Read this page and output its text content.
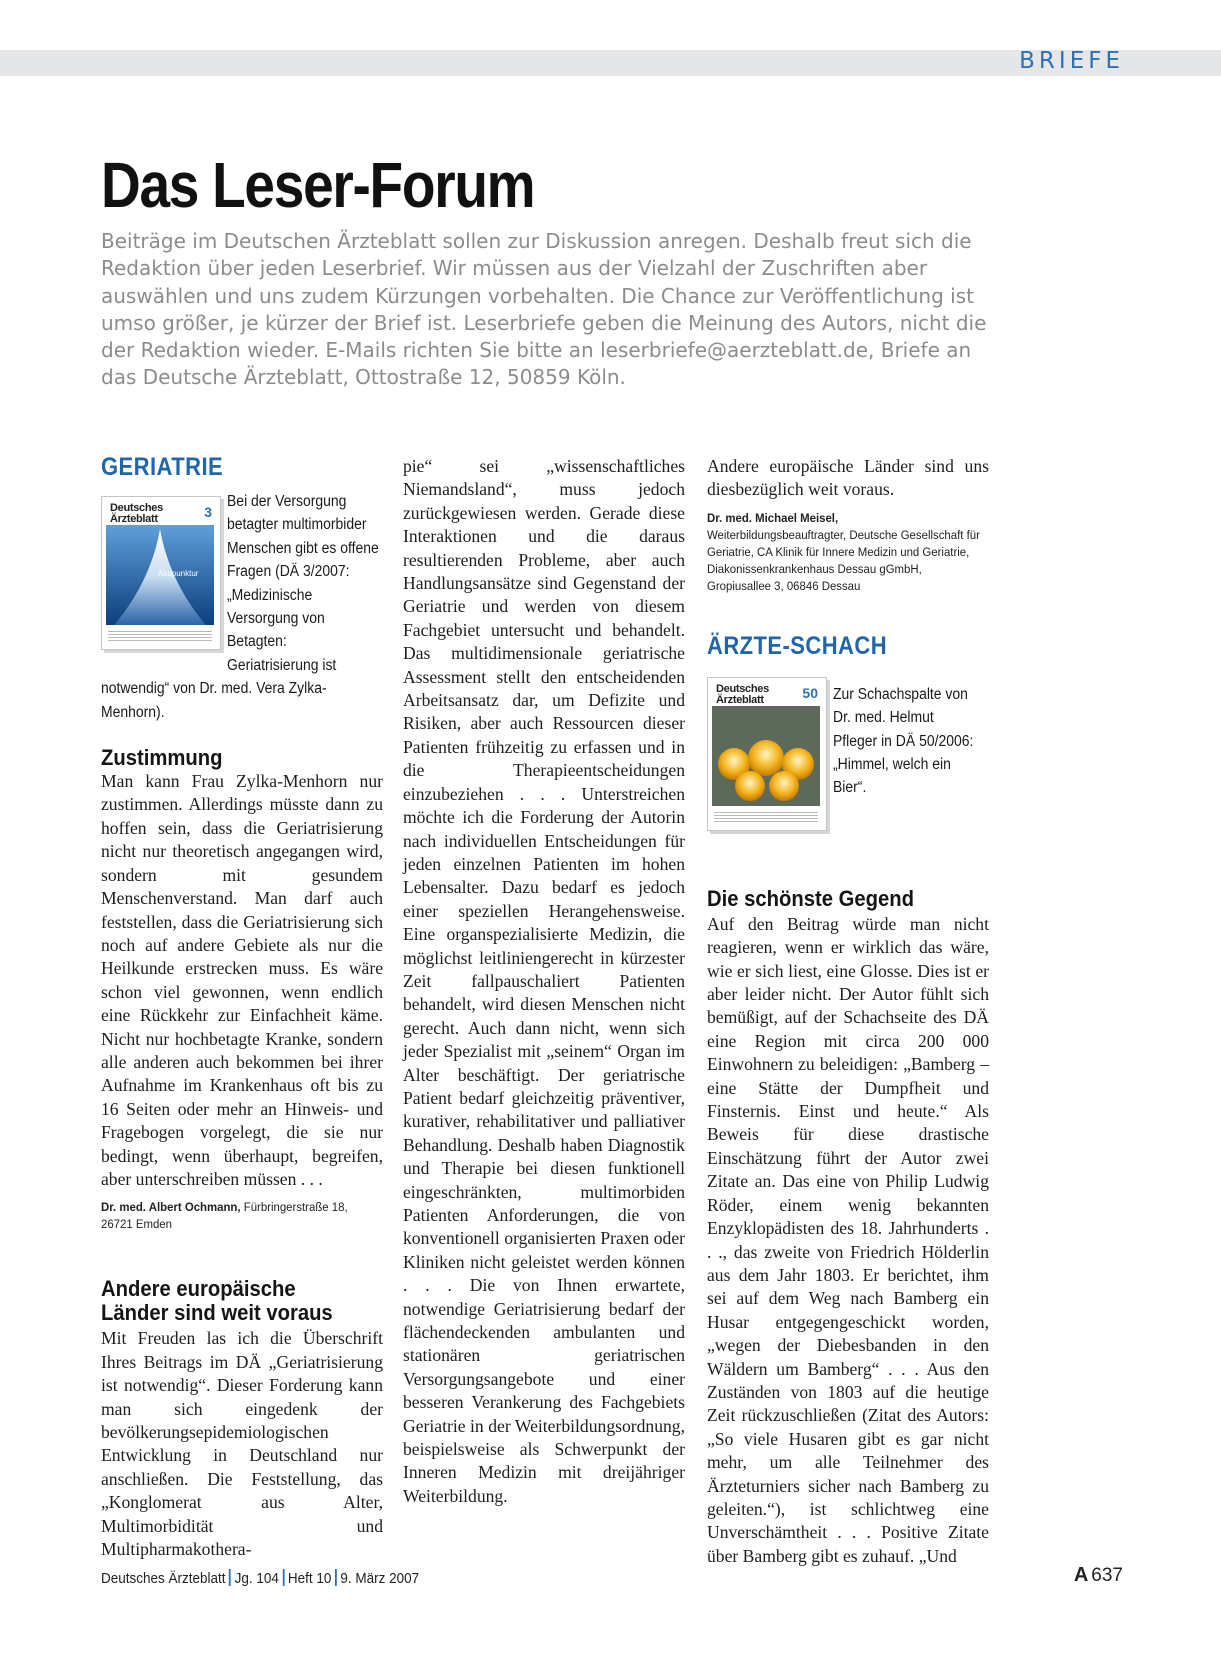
BRIEFE
Das Leser-Forum

Beiträge im Deutschen Ärzteblatt sollen zur Diskussion anregen. Deshalb freut sich die Redaktion über jeden Leserbrief. Wir müssen aus der Vielzahl der Zuschriften aber auswählen und uns zudem Kürzungen vorbehalten. Die Chance zur Veröffentlichung ist umso größer, je kürzer der Brief ist. Leserbriefe geben die Meinung des Autors, nicht die der Redaktion wieder. E-Mails richten Sie bitte an leserbriefe@aerzteblatt.de, Briefe an das Deutsche Ärzteblatt, Ottostraße 12, 50859 Köln.

GERIATRIE
Deutsches
Ärzteblatt	3
Akupunktur

Bei der Versorgung betagter multimorbider Menschen gibt es offene Fragen (DÄ 3/2007: „Medizinische Versorgung von Betagten: Geriatrisierung ist notwendig“ von Dr. med. Vera Zylka-Menhorn).

Zustimmung

Man kann Frau Zylka-Menhorn nur zustimmen. Allerdings müsste dann zu hoffen sein, dass die Geriatrisierung nicht nur theoretisch angegangen wird, sondern mit gesundem Menschenverstand. Man darf auch feststellen, dass die Geriatrisierung sich noch auf andere Gebiete als nur die Heilkunde erstrecken muss. Es wäre schon viel gewonnen, wenn endlich eine Rückkehr zur Einfachheit käme. Nicht nur hochbetagte Kranke, sondern alle anderen auch bekommen bei ihrer Aufnahme im Krankenhaus oft bis zu 16 Seiten oder mehr an Hinweis- und Fragebogen vorgelegt, die sie nur bedingt, wenn überhaupt, begreifen, aber unterschreiben müssen . . .

Dr. med. Albert Ochmann, Fürbringerstraße 18, 26721 Emden

Andere europäische Länder sind weit voraus

Mit Freuden las ich die Überschrift Ihres Beitrags im DÄ „Geriatrisierung ist notwendig“. Dieser Forderung kann man sich eingedenk der bevölkerungsepidemiologischen Entwicklung in Deutschland nur anschließen. Die Feststellung, das „Konglomerat aus Alter, Multimorbidität und Multipharmakothera-

pie“ sei „wissenschaftliches Niemandsland“, muss jedoch zurückgewiesen werden. Gerade diese Interaktionen und die daraus resultierenden Probleme, aber auch Handlungsansätze sind Gegenstand der Geriatrie und werden von diesem Fachgebiet untersucht und behandelt. Das multidimensionale geriatrische Assessment stellt den entscheidenden Arbeitsansatz dar, um Defizite und Risiken, aber auch Ressourcen dieser Patienten frühzeitig zu erfassen und in die Therapieentscheidungen einzubeziehen . . . Unterstreichen möchte ich die Forderung der Autorin nach individuellen Entscheidungen für jeden einzelnen Patienten im hohen Lebensalter. Dazu bedarf es jedoch einer speziellen Herangehensweise. Eine organspezialisierte Medizin, die möglichst leitliniengerecht in kürzester Zeit fallpauschaliert Patienten behandelt, wird diesen Menschen nicht gerecht. Auch dann nicht, wenn sich jeder Spezialist mit „seinem“ Organ im Alter beschäftigt. Der geriatrische Patient bedarf gleichzeitig präventiver, kurativer, rehabilitativer und palliativer Behandlung. Deshalb haben Diagnostik und Therapie bei diesen funktionell eingeschränkten, multimorbiden Patienten Anforderungen, die von konventionell organisierten Praxen oder Kliniken nicht geleistet werden können . . . Die von Ihnen erwartete, notwendige Geriatrisierung bedarf der flächendeckenden ambulanten und stationären geriatrischen Versorgungsangebote und einer besseren Verankerung des Fachgebiets Geriatrie in der Weiterbildungsordnung, beispielsweise als Schwerpunkt der Inneren Medizin mit dreijähriger Weiterbildung.

Andere europäische Länder sind uns diesbezüglich weit voraus.

Dr. med. Michael Meisel,
Weiterbildungsbeauftragter, Deutsche Gesellschaft für Geriatrie, CA Klinik für Innere Medizin und Geriatrie, Diakonissenkrankenhaus Dessau gGmbH, Gropiusallee 3, 06846 Dessau

ÄRZTE-SCHACH
Deutsches
Ärzteblatt	50 Zur Schachspalte von Dr. med. Helmut Pfleger in DÄ 50/2006: „Himmel, welch ein Bier“.

Die schönste Gegend

Auf den Beitrag würde man nicht reagieren, wenn er wirklich das wäre, wie er sich liest, eine Glosse. Dies ist er aber leider nicht. Der Autor fühlt sich bemüßigt, auf der Schachseite des DÄ eine Region mit circa 200 000 Einwohnern zu beleidigen: „Bamberg – eine Stätte der Dumpfheit und Finsternis. Einst und heute.“ Als Beweis für diese drastische Einschätzung führt der Autor zwei Zitate an. Das eine von Philip Ludwig Röder, einem wenig bekannten Enzyklopädisten des 18. Jahrhunderts . . ., das zweite von Friedrich Hölderlin aus dem Jahr 1803. Er berichtet, ihm sei auf dem Weg nach Bamberg ein Husar entgegengeschickt worden, „wegen der Diebesbanden in den Wäldern um Bamberg“ . . . Aus den Zuständen von 1803 auf die heutige Zeit rückzuschließen (Zitat des Autors: „So viele Husaren gibt es gar nicht mehr, um alle Teilnehmer des Ärzteturniers sicher nach Bamberg zu geleiten.“), ist schlichtweg eine Unverschämtheit . . . Positive Zitate über Bamberg gibt es zuhauf. „Und

Deutsches Ärzteblatt Jg. 104 Heft 10 9. März 2007	A 637
